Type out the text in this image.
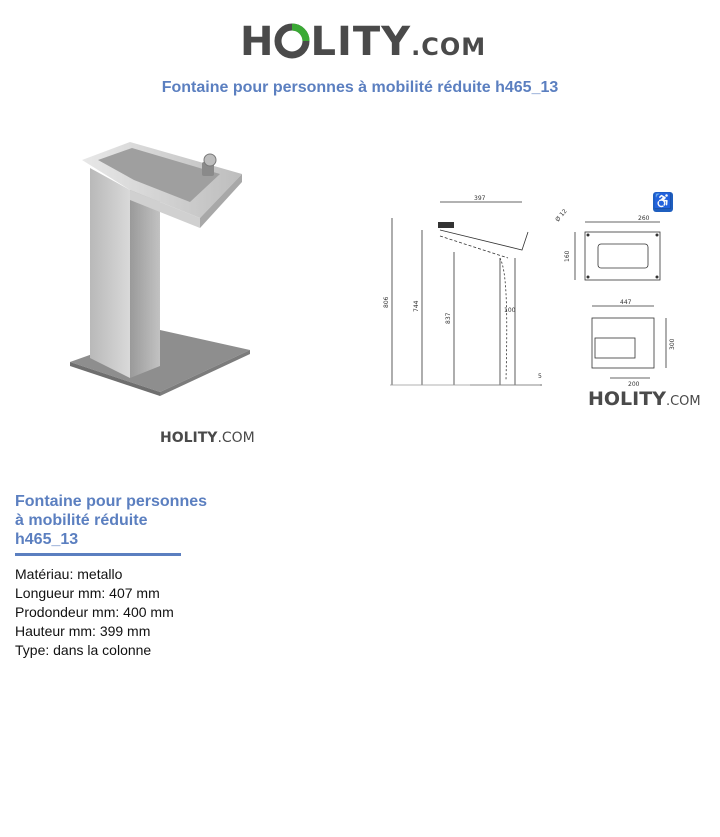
H LITY.COM
Fontaine pour personnes à mobilité réduite h465_13
HOLITY.COM
397
806	744
837
100
5
Ø 12	260
160
447
300
200
♿
HOLITY.COM
Fontaine pour personnes
à mobilité réduite
h465_13
Matériau: metallo
Longueur mm: 407 mm
Prodondeur mm: 400 mm
Hauteur mm: 399 mm
Type: dans la colonne
